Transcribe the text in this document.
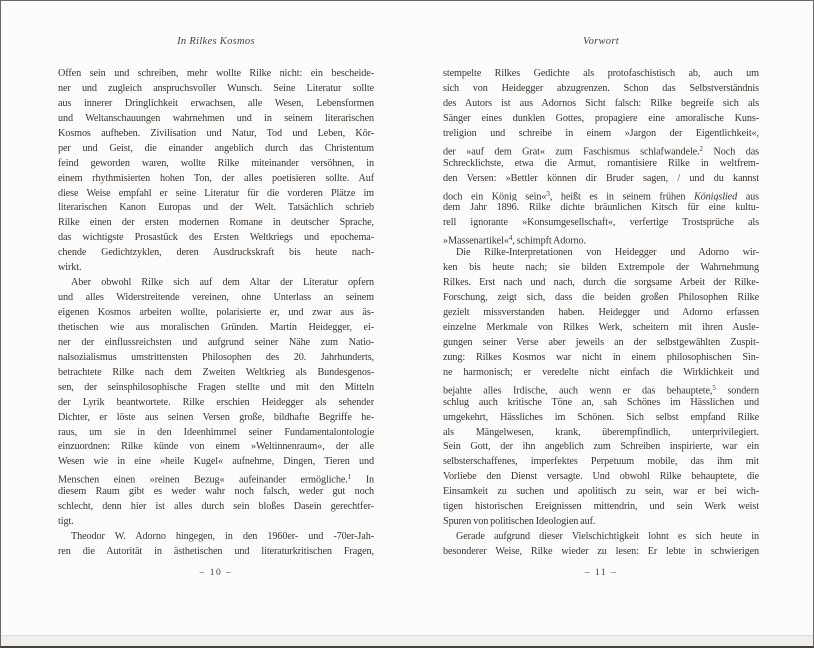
In Rilkes Kosmos
Offen sein und schreiben, mehr wollte Rilke nicht: ein bescheide-
ner und zugleich anspruchsvoller Wunsch. Seine Literatur sollte
aus innerer Dringlichkeit erwachsen, alle Wesen, Lebensformen
und Weltanschauungen wahrnehmen und in seinem literarischen
Kosmos aufheben. Zivilisation und Natur, Tod und Leben, Kör-
per und Geist, die einander angeblich durch das Christentum
feind geworden waren, wollte Rilke miteinander versöhnen, in
einem rhythmisierten hohen Ton, der alles poetisieren sollte. Auf
diese Weise empfahl er seine Literatur für die vorderen Plätze im
literarischen Kanon Europas und der Welt. Tatsächlich schrieb
Rilke einen der ersten modernen Romane in deutscher Sprache,
das wichtigste Prosastück des Ersten Weltkriegs und epochema-
chende Gedichtzyklen, deren Ausdruckskraft bis heute nach-
wirkt.
Aber obwohl Rilke sich auf dem Altar der Literatur opfern
und alles Widerstreitende vereinen, ohne Unterlass an seinem
eigenen Kosmos arbeiten wollte, polarisierte er, und zwar aus äs-
thetischen wie aus moralischen Gründen. Martin Heidegger, ei-
ner der einflussreichsten und aufgrund seiner Nähe zum Natio-
nalsozialismus umstrittensten Philosophen des 20. Jahrhunderts,
betrachtete Rilke nach dem Zweiten Weltkrieg als Bundesgenos-
sen, der seinsphilosophische Fragen stellte und mit den Mitteln
der Lyrik beantwortete. Rilke erschien Heidegger als sehender
Dichter, er löste aus seinen Versen große, bildhafte Begriffe he-
raus, um sie in den Ideenhimmel seiner Fundamentalontologie
einzuordnen: Rilke künde von einem »Weltinnenraum«, der alle
Wesen wie in eine »heile Kugel« aufnehme, Dingen, Tieren und
Menschen einen »reinen Bezug« aufeinander ermögliche.$^1$ In
diesem Raum gibt es weder wahr noch falsch, weder gut noch
schlecht, denn hier ist alles durch sein bloßes Dasein gerechtfer-
tigt.
Theodor W. Adorno hingegen, in den 1960er- und -70er-Jah-
ren die Autorität in ästhetischen und literaturkritischen Fragen,
– 10 –
Vorwort
stempelte Rilkes Gedichte als protofaschistisch ab, auch um
sich von Heidegger abzugrenzen. Schon das Selbstverständnis
des Autors ist aus Adornos Sicht falsch: Rilke begreife sich als
Sänger eines dunklen Gottes, propagiere eine amoralische Kuns-
treligion und schreibe in einem »Jargon der Eigentlichkeit«,
der »auf dem Grat« zum Faschismus schlafwandele.$^2$ Noch das
Schrecklichste, etwa die Armut, romantisiere Rilke in weltfrem-
den Versen: »Bettler können dir Bruder sagen, / und du kannst
doch ein König sein«$^3$, heißt es in seinem frühen Königslied aus
dem Jahr 1896. Rilke dichte bräunlichen Kitsch für eine kultu-
rell ignorante »Konsumgesellschaft«, verfertige Trostsprüche als
»Massenartikel«$^4$, schimpft Adorno.
Die Rilke-Interpretationen von Heidegger und Adorno wir-
ken bis heute nach; sie bilden Extrempole der Wahrnehmung
Rilkes. Erst nach und nach, durch die sorgsame Arbeit der Rilke-
Forschung, zeigt sich, dass die beiden großen Philosophen Rilke
gezielt missverstanden haben. Heidegger und Adorno erfassen
einzelne Merkmale von Rilkes Werk, scheitern mit ihren Ausle-
gungen seiner Verse aber jeweils an der selbstgewählten Zuspit-
zung: Rilkes Kosmos war nicht in einem philosophischen Sin-
ne harmonisch; er veredelte nicht einfach die Wirklichkeit und
bejahte alles Irdische, auch wenn er das behauptete,$^5$ sondern
schlug auch kritische Töne an, sah Schönes im Hässlichen und
umgekehrt, Hässliches im Schönen. Sich selbst empfand Rilke
als Mängelwesen, krank, überempfindlich, unterprivilegiert.
Sein Gott, der ihn angeblich zum Schreiben inspirierte, war ein
selbsterschaffenes, imperfektes Perpetuum mobile, das ihm mit
Vorliebe den Dienst versagte. Und obwohl Rilke behauptete, die
Einsamkeit zu suchen und apolitisch zu sein, war er bei wich-
tigen historischen Ereignissen mittendrin, und sein Werk weist
Spuren von politischen Ideologien auf.
Gerade aufgrund dieser Vielschichtigkeit lohnt es sich heute in
besonderer Weise, Rilke wieder zu lesen: Er lebte in schwierigen
– 11 –
